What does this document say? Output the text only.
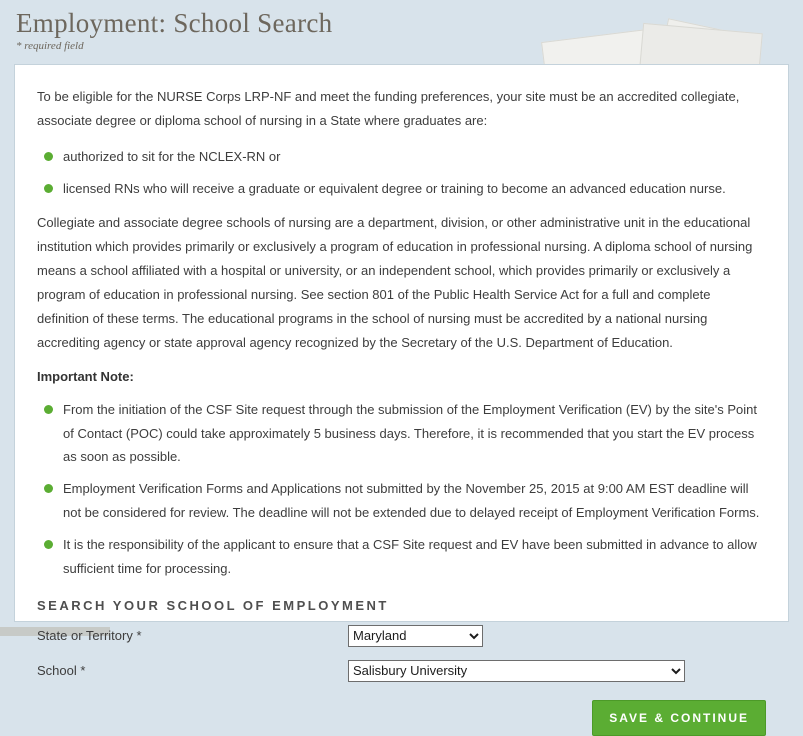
Employment: School Search
* required field

To be eligible for the NURSE Corps LRP-NF and meet the funding preferences, your site must be an accredited collegiate, associate degree or diploma school of nursing in a State where graduates are:

authorized to sit for the NCLEX-RN or
licensed RNs who will receive a graduate or equivalent degree or training to become an advanced education nurse.

Collegiate and associate degree schools of nursing are a department, division, or other administrative unit in the educational institution which provides primarily or exclusively a program of education in professional nursing. A diploma school of nursing means a school affiliated with a hospital or university, or an independent school, which provides primarily or exclusively a program of education in professional nursing. See section 801 of the Public Health Service Act for a full and complete definition of these terms. The educational programs in the school of nursing must be accredited by a national nursing accrediting agency or state approval agency recognized by the Secretary of the U.S. Department of Education.

Important Note:

From the initiation of the CSF Site request through the submission of the Employment Verification (EV) by the site's Point of Contact (POC) could take approximately 5 business days. Therefore, it is recommended that you start the EV process as soon as possible.
Employment Verification Forms and Applications not submitted by the November 25, 2015 at 9:00 AM EST deadline will not be considered for review. The deadline will not be extended due to delayed receipt of Employment Verification Forms.
It is the responsibility of the applicant to ensure that a CSF Site request and EV have been submitted in advance to allow sufficient time for processing.
SEARCH YOUR SCHOOL OF EMPLOYMENT
State or Territory *
Maryland
School *
Salisbury University
SAVE & CONTINUE
